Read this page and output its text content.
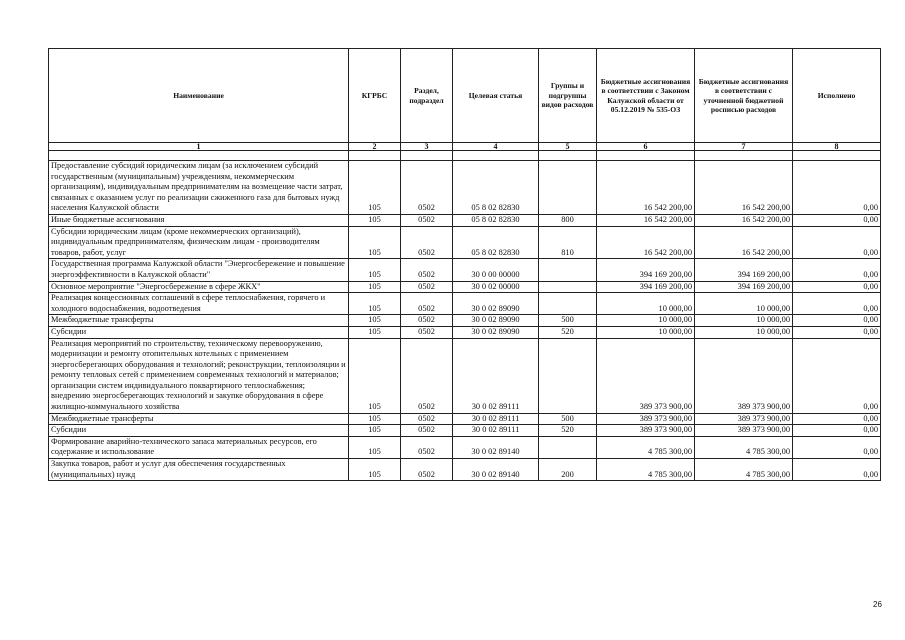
Наименование	КГРБС	Раздел, подраздел	Целевая статья	Группы и подгруппы видов расходов	Бюджетные ассигнования в соответствии с Законом Калужской области от 05.12.2019 № 535-ОЗ	Бюджетные ассигнования в соответствии с уточненной бюджетной росписью расходов	Исполнено
1	2	3	4	5	6	7	8

Предоставление субсидий юридическим лицам (за исключением субсидий государственным (муниципальным) учреждениям, некоммерческим организациям), индивидуальным предпринимателям на возмещение части затрат, связанных с оказанием услуг по реализации сжиженного газа для бытовых нужд населения Калужской области	105	0502	05 8 02 82830		16 542 200,00	16 542 200,00	0,00
Иные бюджетные ассигнования	105	0502	05 8 02 82830	800	16 542 200,00	16 542 200,00	0,00
Субсидии юридическим лицам (кроме некоммерческих организаций), индивидуальным предпринимателям, физическим лицам - производителям товаров, работ, услуг	105	0502	05 8 02 82830	810	16 542 200,00	16 542 200,00	0,00
Государственная программа Калужской области "Энергосбережение и повышение энергоэффективности в Калужской области"	105	0502	30 0 00 00000		394 169 200,00	394 169 200,00	0,00
Основное мероприятие "Энергосбережение в сфере ЖКХ"	105	0502	30 0 02 00000		394 169 200,00	394 169 200,00	0,00
Реализация концессионных соглашений в сфере теплоснабжения, горячего и холодного водоснабжения, водоотведения	105	0502	30 0 02 89090		10 000,00	10 000,00	0,00
Межбюджетные трансферты	105	0502	30 0 02 89090	500	10 000,00	10 000,00	0,00
Субсидии	105	0502	30 0 02 89090	520	10 000,00	10 000,00	0,00
Реализация мероприятий по строительству, техническому перевооружению, модернизации и ремонту отопительных котельных с применением энергосберегающих оборудования и технологий; реконструкции, теплоизоляции и ремонту тепловых сетей с применением современных технологий и материалов; организации систем индивидуального поквартирного теплоснабжения; внедрению энергосберегающих технологий и закупке оборудования в сфере жилищно-коммунального хозяйства	105	0502	30 0 02 89111		389 373 900,00	389 373 900,00	0,00
Межбюджетные трансферты	105	0502	30 0 02 89111	500	389 373 900,00	389 373 900,00	0,00
Субсидии	105	0502	30 0 02 89111	520	389 373 900,00	389 373 900,00	0,00
Формирование аварийно-технического запаса материальных ресурсов, его содержание и использование	105	0502	30 0 02 89140		4 785 300,00	4 785 300,00	0,00
Закупка товаров, работ и услуг для обеспечения государственных (муниципальных) нужд	105	0502	30 0 02 89140	200	4 785 300,00	4 785 300,00	0,00
26
